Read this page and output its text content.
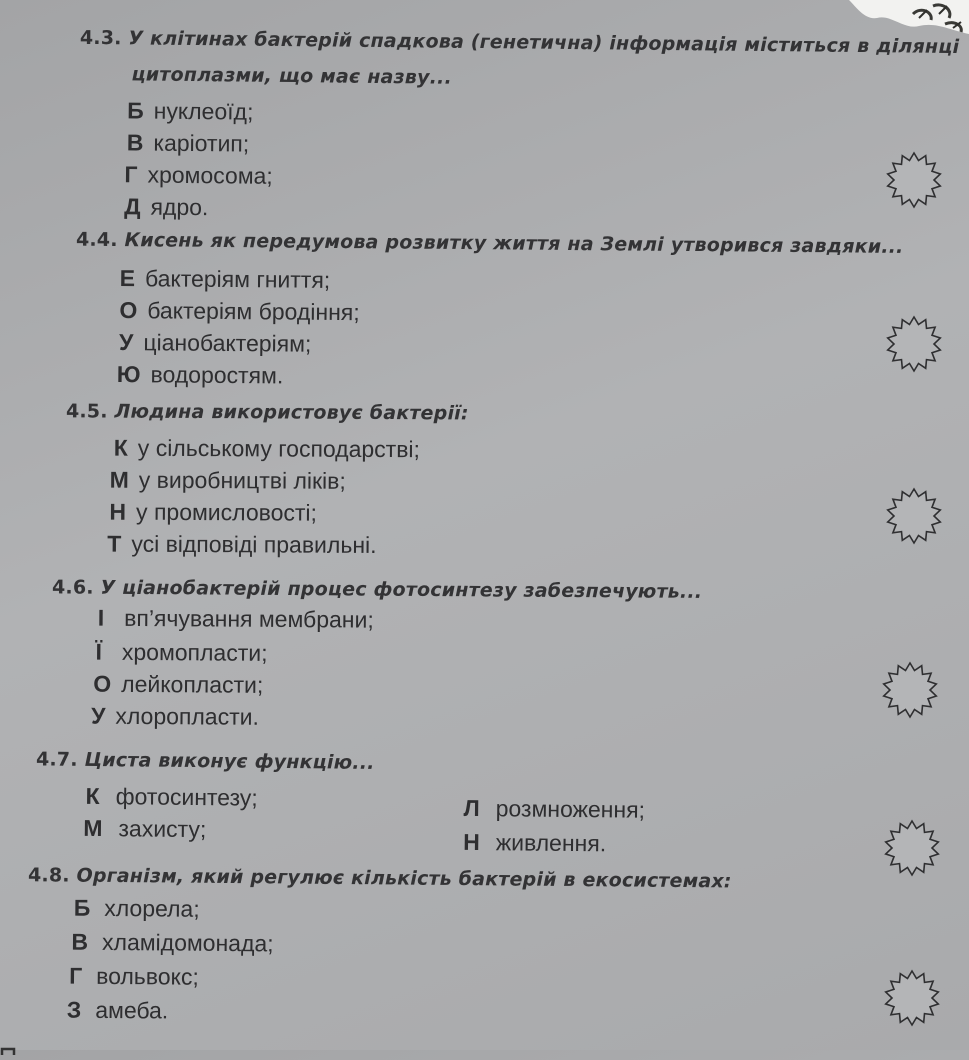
4.3. У клітинах бактерій спадкова (генетична) інформація міститься в ділянці
цитоплазми, що має назву...
Б нуклеоїд;
В каріотип;
Г хромосома;
Д ядро.
4.4. Кисень як передумова розвитку життя на Землі утворився завдяки...
Е бактеріям гниття;
О бактеріям бродіння;
У ціанобактеріям;
Ю водоростям.
4.5. Людина використовує бактерії:
К у сільському господарстві;
М у виробництві ліків;
Н у промисловості;
Т усі відповіді правильні.
4.6. У ціанобактерій процес фотосинтезу забезпечують...
І вп’ячування мембрани;
Ї хромопласти;
О лейкопласти;
У хлоропласти.
4.7. Циста виконує функцію...
К фотосинтезу;
М захисту;
Л розмноження;
Н живлення.
4.8. Організм, який регулює кількість бактерій в екосистемах:
Б хлорела;
В хламідомонада;
Г вольвокс;
З амеба.
